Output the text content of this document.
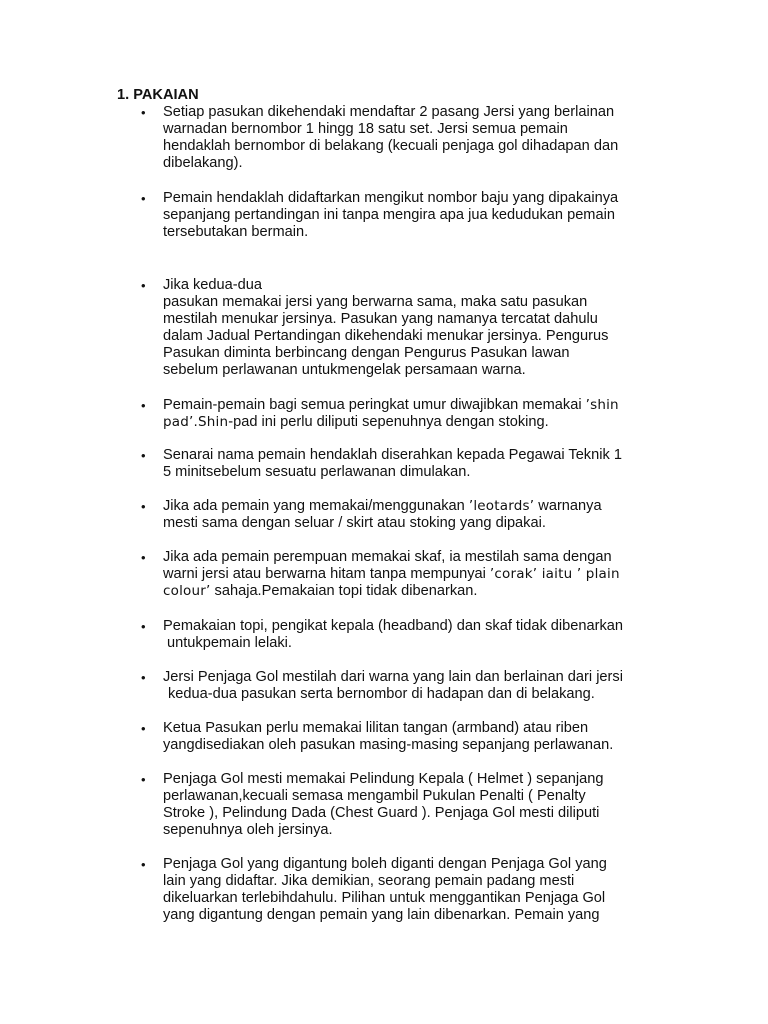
1. PAKAIAN
• Setiap pasukan dikehendaki mendaftar 2 pasang Jersi yang berlainan
warnadan bernombor 1 hingg 18 satu set. Jersi semua pemain
hendaklah bernombor di belakang (kecuali penjaga gol dihadapan dan
dibelakang).
• Pemain hendaklah didaftarkan mengikut nombor baju yang dipakainya
sepanjang pertandingan ini tanpa mengira apa jua kedudukan pemain
tersebutakan bermain.
• Jika kedua-dua
pasukan memakai jersi yang berwarna sama, maka satu pasukan
mestilah menukar jersinya. Pasukan yang namanya tercatat dahulu
dalam Jadual Pertandingan dikehendaki menukar jersinya. Pengurus
Pasukan diminta berbincang dengan Pengurus Pasukan lawan
sebelum perlawanan untukmengelak persamaan warna.
• Pemain-pemain bagi semua peringkat umur diwajibkan memakai ’shin
pad’.Shin-pad ini perlu diliputi sepenuhnya dengan stoking.
• Senarai nama pemain hendaklah diserahkan kepada Pegawai Teknik 1
5 minitsebelum sesuatu perlawanan dimulakan.
• Jika ada pemain yang memakai/menggunakan ’leotards’ warnanya
mesti sama dengan seluar / skirt atau stoking yang dipakai.
• Jika ada pemain perempuan memakai skaf, ia mestilah sama dengan
warni jersi atau berwarna hitam tanpa mempunyai ’corak’ iaitu ’ plain
colour’ sahaja.Pemakaian topi tidak dibenarkan.
• Pemakaian topi, pengikat kepala (headband) dan skaf tidak dibenarkan
untukpemain lelaki.
• Jersi Penjaga Gol mestilah dari warna yang lain dan berlainan dari jersi
kedua-dua pasukan serta bernombor di hadapan dan di belakang.
• Ketua Pasukan perlu memakai lilitan tangan (armband) atau riben
yangdisediakan oleh pasukan masing-masing sepanjang perlawanan.
• Penjaga Gol mesti memakai Pelindung Kepala ( Helmet ) sepanjang
perlawanan,kecuali semasa mengambil Pukulan Penalti ( Penalty
Stroke ), Pelindung Dada (Chest Guard ). Penjaga Gol mesti diliputi
sepenuhnya oleh jersinya.
• Penjaga Gol yang digantung boleh diganti dengan Penjaga Gol yang
lain yang didaftar. Jika demikian, seorang pemain padang mesti
dikeluarkan terlebihdahulu. Pilihan untuk menggantikan Penjaga Gol
yang digantung dengan pemain yang lain dibenarkan. Pemain yang
